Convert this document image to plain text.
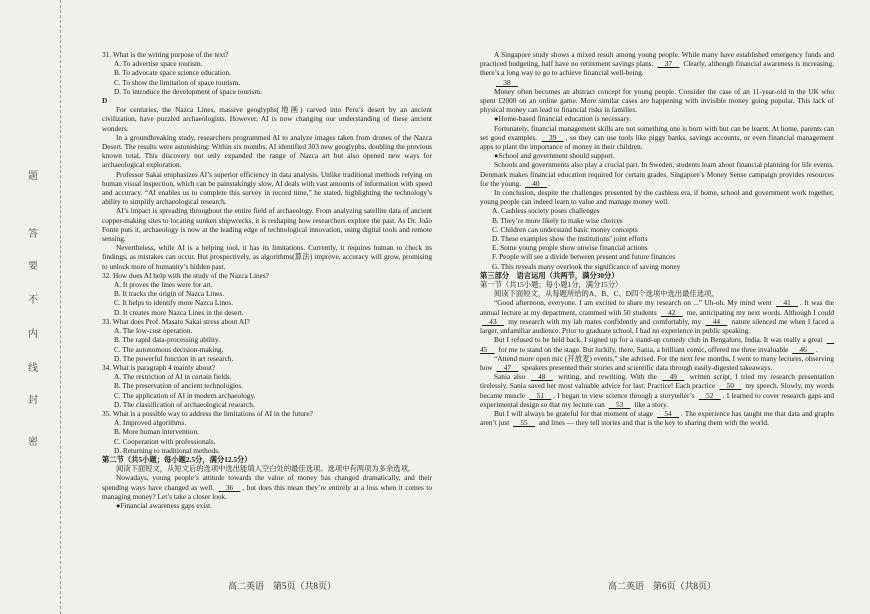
题
答
要
不
内
线
封
密

31. What is the writing purpose of the text?

A. To advertise space tourism.

B. To advocate space science education.

C. To show the limitation of space tourism.

D. To introduce the development of space tourism.

D

For centuries, the Nazca Lines, massive geoglyphs(地画) carved into Peru’s desert by an ancient civilization, have puzzled archaeologists. However, AI is now changing our understanding of these ancient wonders.

In a groundbreaking study, researchers programmed AI to analyze images taken from drones of the Nazca Desert. The results were astonishing: Within six months, AI identified 303 new geoglyphs, doubling the previous known total. This discovery not only expanded the range of Nazca art but also opened new ways for archaeological exploration.

Professor Sakai emphasizes AI’s superior efficiency in data analysis. Unlike traditional methods relying on human visual inspection, which can be painstakingly slow, AI deals with vast amounts of information with speed and accuracy. “AI enables us to complete this survey in record time,” he stated, highlighting the technology’s ability to simplify archaeological research.

AI’s impact is spreading throughout the entire field of archaeology. From analyzing satellite data of ancient copper-making sites to locating sunken shipwrecks, it is reshaping how researchers explore the past. As Dr. João Fonte puts it, archaeology is now at the leading edge of technological innovation, using digital tools and remote sensing.

Nevertheless, while AI is a helping tool, it has its limitations. Currently, it requires human to check its findings, as mistakes can occur. But prospectively, as algorithms(算法) improve, accuracy will grow, promising to unlock more of humanity’s hidden past.

32. How does AI help with the study of the Nazca Lines?

A. It proves the lines were for art.

B. It tracks the origin of Nazca Lines.

C. It helps to identify more Nazca Lines.

D. It creates more Nazca Lines in the desert.

33. What does Prof. Masato Sakai stress about AI?

A. The low-cost operation.

B. The rapid data-processing ability.

C. The autonomous decision-making.

D. The powerful function in art research.

34. What is paragraph 4 mainly about?

A. The restriction of AI in certain fields.

B. The preservation of ancient technologies.

C. The application of AI in modern archaeology.

D. The classification of archaeological research.

35. What is a possible way to address the limitations of AI in the future?

A. Improved algorithms.

B. More human intervention.

C. Cooperation with professionals.

D. Returning to traditional methods.

第二节（共5小题；每小题2.5分，满分12.5分）

阅读下面短文，从短文后的选项中选出能填入空白处的最佳选项。选项中有两项为多余选项。

Nowadays, young people’s attitude towards the value of money has changed dramatically, and their spending ways have changed as well.   36  , but does this mean they’re entirely at a loss when it comes to managing money? Let’s take a closer look.

●Financial awareness gaps exist.

A Singapore study shows a mixed result among young people. While many have established emergency funds and practiced budgeting, half have no retirement savings plans.   37   Clearly, although financial awareness is increasing, there’s a long way to go to achieve financial well-being.

  38  

Money often becomes an abstract concept for young people. Consider the case of an 11-year-old in the UK who spent £2000 on an online game. More similar cases are happening with invisible money going popular. This lack of physical money can lead to financial risks in families.

●Home-based financial education is necessary.

Fortunately, financial management skills are not something one is born with but can be learnt. At home, parents can set good examples.   39  , so they can use tools like piggy banks, savings accounts, or even financial management apps to plant the importance of money in their children.

●School and government should support.

Schools and governments also play a crucial part. In Sweden, students learn about financial planning for life events. Denmark makes financial education required for certain grades. Singapore’s Money Sense campaign provides resources for the young.   40  .

In conclusion, despite the challenges presented by the cashless era, if home, school and government work together, young people can indeed learn to value and manage money well.

A. Cashless society poses challenges

B. They’re more likely to make wise choices

C. Children can understand basic money concepts

D. These examples show the institutions’ joint efforts

E. Some young people show unwise financial actions

F. People will see a divide between present and future finances

G. This reveals many overlook the significance of saving money

第三部分　语言运用（共两节，满分30分）

第一节（共15小题；每小题1分，满分15分）

阅读下面短文，从每题所给的A、B、C、D四个选项中选出最佳选项。

“Good afternoon, everyone. I am excited to share my research on ...” Uh-oh. My mind went   41  . It was the annual lecture at my department, crammed with 50 students   42   me, anticipating my next words. Although I could   43   my research with my lab mates confidently and comfortably, my   44   nature silenced me when I faced a larger, unfamiliar audience. Prior to graduate school, I had no experience in public speaking.

But I refused to be held back. I signed up for a stand-up comedy club in Bengaluru, India. It was really a great   45   for me to stand on the stage. But luckily, there, Sania, a brilliant comic, offered me three invaluable   46  .

“Attend more open mic (开放麦) events,” she advised. For the next few months, I went to many lectures, observing how   47   speakers presented their stories and scientific data through easily-digested takeaways.

Sania also   48   writing, and rewriting. With the   49   written script, I tried my research presentation tirelessly. Sania saved her most valuable advice for last: Practice! Each practice   50   my speech. Slowly, my words became muscle   51  . I began to view science through a storyteller’s   52  . I learned to cover research gaps and experimental design so that my lecture can   53   like a story.

But I will always be grateful for that moment of stage   54  . The experience has taught me that data and graphs aren’t just   55   and lines — they tell stories and that is the key to sharing them with the world.

高二英语　第5页（共8页）	高二英语　第6页（共8页）
